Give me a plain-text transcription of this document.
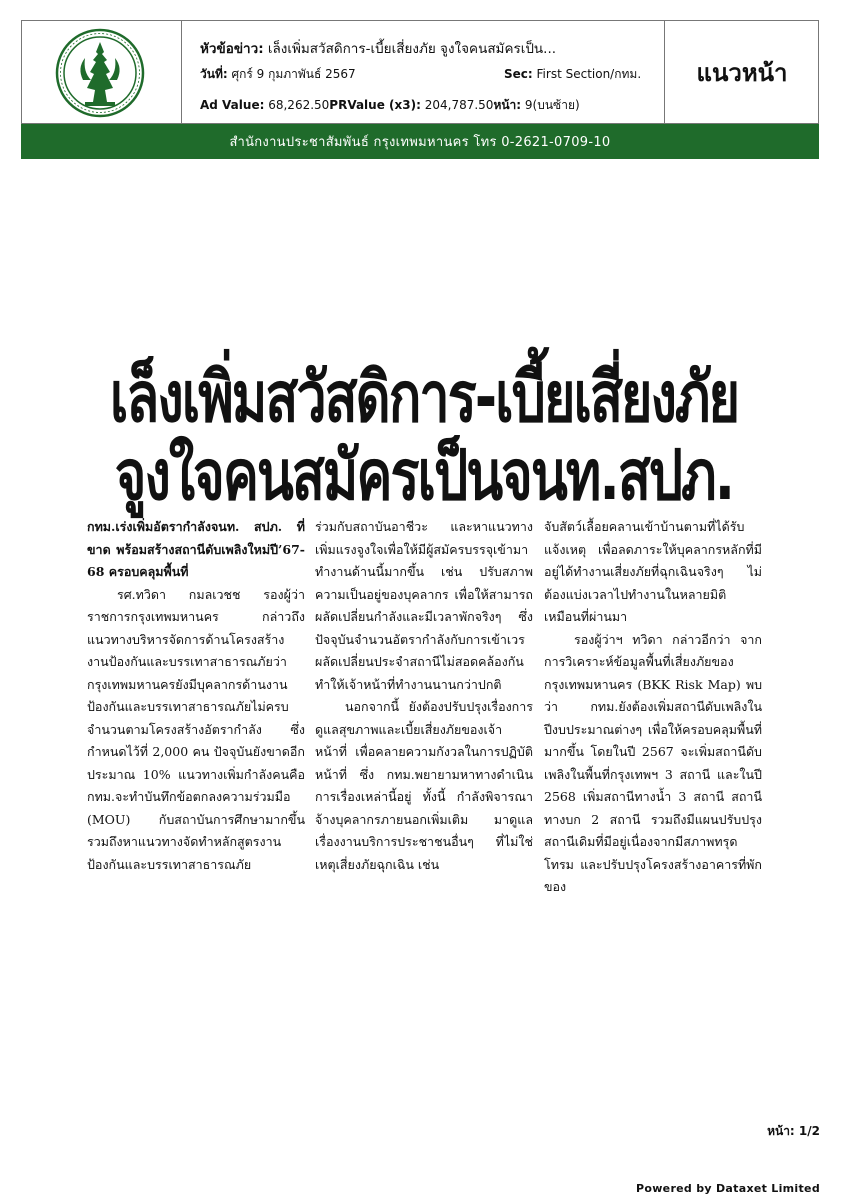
หัวข้อข่าว: เล็งเพิ่มสวัสดิการ-เบี้ยเสี่ยงภัย จูงใจคนสมัครเป็น...
วันที่: ศุกร์ 9 กุมภาพันธ์ 2567	Sec: First Section/กทม.
Ad Value: 68,262.50PRValue (x3): 204,787.50หน้า: 9(บนซ้าย)
แนวหน้า
สำนักงานประชาสัมพันธ์ กรุงเทพมหานคร โทร 0-2621-0709-10
เล็งเพิ่มสวัสดิการ-เบี้ยเสี่ยงภัย
จูงใจคนสมัครเป็นจนท.สปภ.

กทม.เร่งเพิ่มอัตรากำลังจนท. สปภ. ที่ขาด พร้อมสร้างสถานีดับเพลิงใหม่ปี’67-68 ครอบคลุมพื้นที่

รศ.ทวิดา กมลเวชช รองผู้ว่าราชการกรุงเทพมหานคร กล่าวถึงแนวทางบริหารจัดการด้านโครงสร้างงานป้องกันและบรรเทาสาธารณภัยว่า กรุงเทพมหานครยังมีบุคลากรด้านงานป้องกันและบรรเทาสาธารณภัยไม่ครบจำนวนตามโครงสร้างอัตรากำลัง ซึ่งกำหนดไว้ที่ 2,000 คน ปัจจุบันยังขาดอีกประมาณ 10% แนวทางเพิ่มกำลังคนคือ กทม.จะทำบันทึกข้อตกลงความร่วมมือ (MOU) กับสถาบันการศึกษามากขึ้น รวมถึงหาแนวทางจัดทำหลักสูตรงานป้องกันและบรรเทาสาธารณภัย

ร่วมกับสถาบันอาชีวะ และหาแนวทางเพิ่มแรงจูงใจเพื่อให้มีผู้สมัครบรรจุเข้ามาทำงานด้านนี้มากขึ้น เช่น ปรับสภาพความเป็นอยู่ของบุคลากร เพื่อให้สามารถผลัดเปลี่ยนกำลังและมีเวลาพักจริงๆ ซึ่งปัจจุบันจำนวนอัตรากำลังกับการเข้าเวรผลัดเปลี่ยนประจำสถานีไม่สอดคล้องกัน ทำให้เจ้าหน้าที่ทำงานนานกว่าปกติ

นอกจากนี้ ยังต้องปรับปรุงเรื่องการดูแลสุขภาพและเบี้ยเสี่ยงภัยของเจ้าหน้าที่ เพื่อคลายความกังวลในการปฏิบัติหน้าที่ ซึ่ง กทม.พยายามหาทางดำเนินการเรื่องเหล่านี้อยู่ ทั้งนี้ กำลังพิจารณาจ้างบุคลากรภายนอกเพิ่มเติม มาดูแลเรื่องงานบริการประชาชนอื่นๆ ที่ไม่ใช่เหตุเสี่ยงภัยฉุกเฉิน เช่น

จับสัตว์เลื้อยคลานเข้าบ้านตามที่ได้รับแจ้งเหตุ เพื่อลดภาระให้บุคลากรหลักที่มีอยู่ได้ทำงานเสี่ยงภัยที่ฉุกเฉินจริงๆ ไม่ต้องแบ่งเวลาไปทำงานในหลายมิติเหมือนที่ผ่านมา

รองผู้ว่าฯ ทวิดา กล่าวอีกว่า จากการวิเคราะห์ข้อมูลพื้นที่เสี่ยงภัยของกรุงเทพมหานคร (BKK Risk Map) พบว่า กทม.ยังต้องเพิ่มสถานีดับเพลิงในปีงบประมาณต่างๆ เพื่อให้ครอบคลุมพื้นที่มากขึ้น โดยในปี 2567 จะเพิ่มสถานีดับเพลิงในพื้นที่กรุงเทพฯ 3 สถานี และในปี 2568 เพิ่มสถานีทางน้ำ 3 สถานี สถานีทางบก 2 สถานี รวมถึงมีแผนปรับปรุงสถานีเดิมที่มีอยู่เนื่องจากมีสภาพทรุดโทรม และปรับปรุงโครงสร้างอาคารที่พักของ

หน้า: 1/2
Powered by Dataxet Limited
